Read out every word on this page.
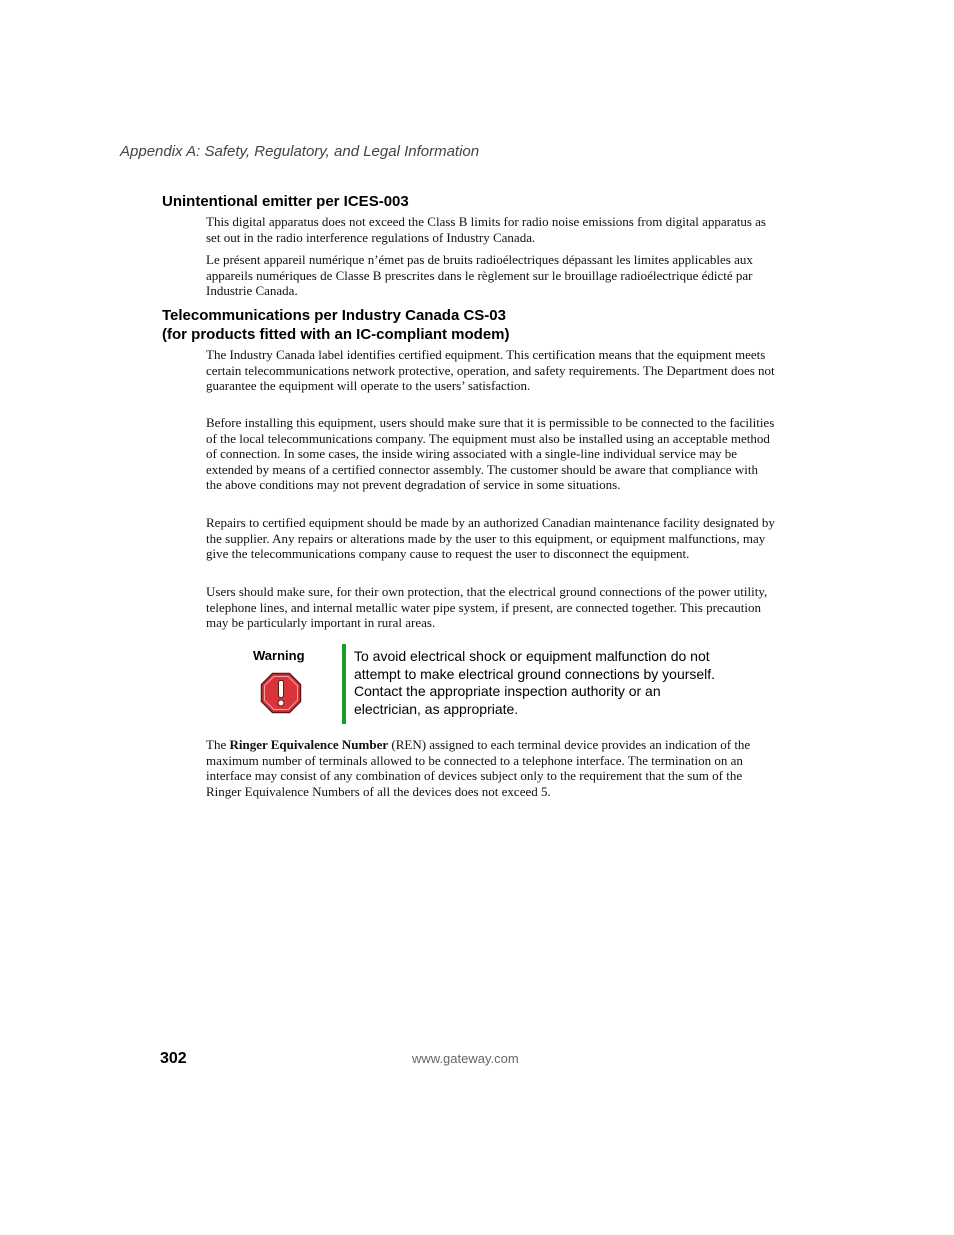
Appendix A: Safety, Regulatory, and Legal Information
Unintentional emitter per ICES-003

This digital apparatus does not exceed the Class B limits for radio noise emissions from digital apparatus as set out in the radio interference regulations of Industry Canada.

Le présent appareil numérique n’émet pas de bruits radioélectriques dépassant les limites applicables aux appareils numériques de Classe B prescrites dans le règlement sur le brouillage radioélectrique édicté par Industrie Canada.

Telecommunications per Industry Canada CS-03
(for products fitted with an IC-compliant modem)

The Industry Canada label identifies certified equipment. This certification means that the equipment meets certain telecommunications network protective, operation, and safety requirements. The Department does not guarantee the equipment will operate to the users’ satisfaction.

Before installing this equipment, users should make sure that it is permissible to be connected to the facilities of the local telecommunications company. The equipment must also be installed using an acceptable method of connection. In some cases, the inside wiring associated with a single-line individual service may be extended by means of a certified connector assembly. The customer should be aware that compliance with the above conditions may not prevent degradation of service in some situations.

Repairs to certified equipment should be made by an authorized Canadian maintenance facility designated by the supplier. Any repairs or alterations made by the user to this equipment, or equipment malfunctions, may give the telecommunications company cause to request the user to disconnect the equipment.

Users should make sure, for their own protection, that the electrical ground connections of the power utility, telephone lines, and internal metallic water pipe system, if present, are connected together. This precaution may be particularly important in rural areas.

Warning	To avoid electrical shock or equipment malfunction do not attempt to make electrical ground connections by yourself. Contact the appropriate inspection authority or an electrician, as appropriate.

The Ringer Equivalence Number (REN) assigned to each terminal device provides an indication of the maximum number of terminals allowed to be connected to a telephone interface. The termination on an interface may consist of any combination of devices subject only to the requirement that the sum of the Ringer Equivalence Numbers of all the devices does not exceed 5.

302	www.gateway.com
